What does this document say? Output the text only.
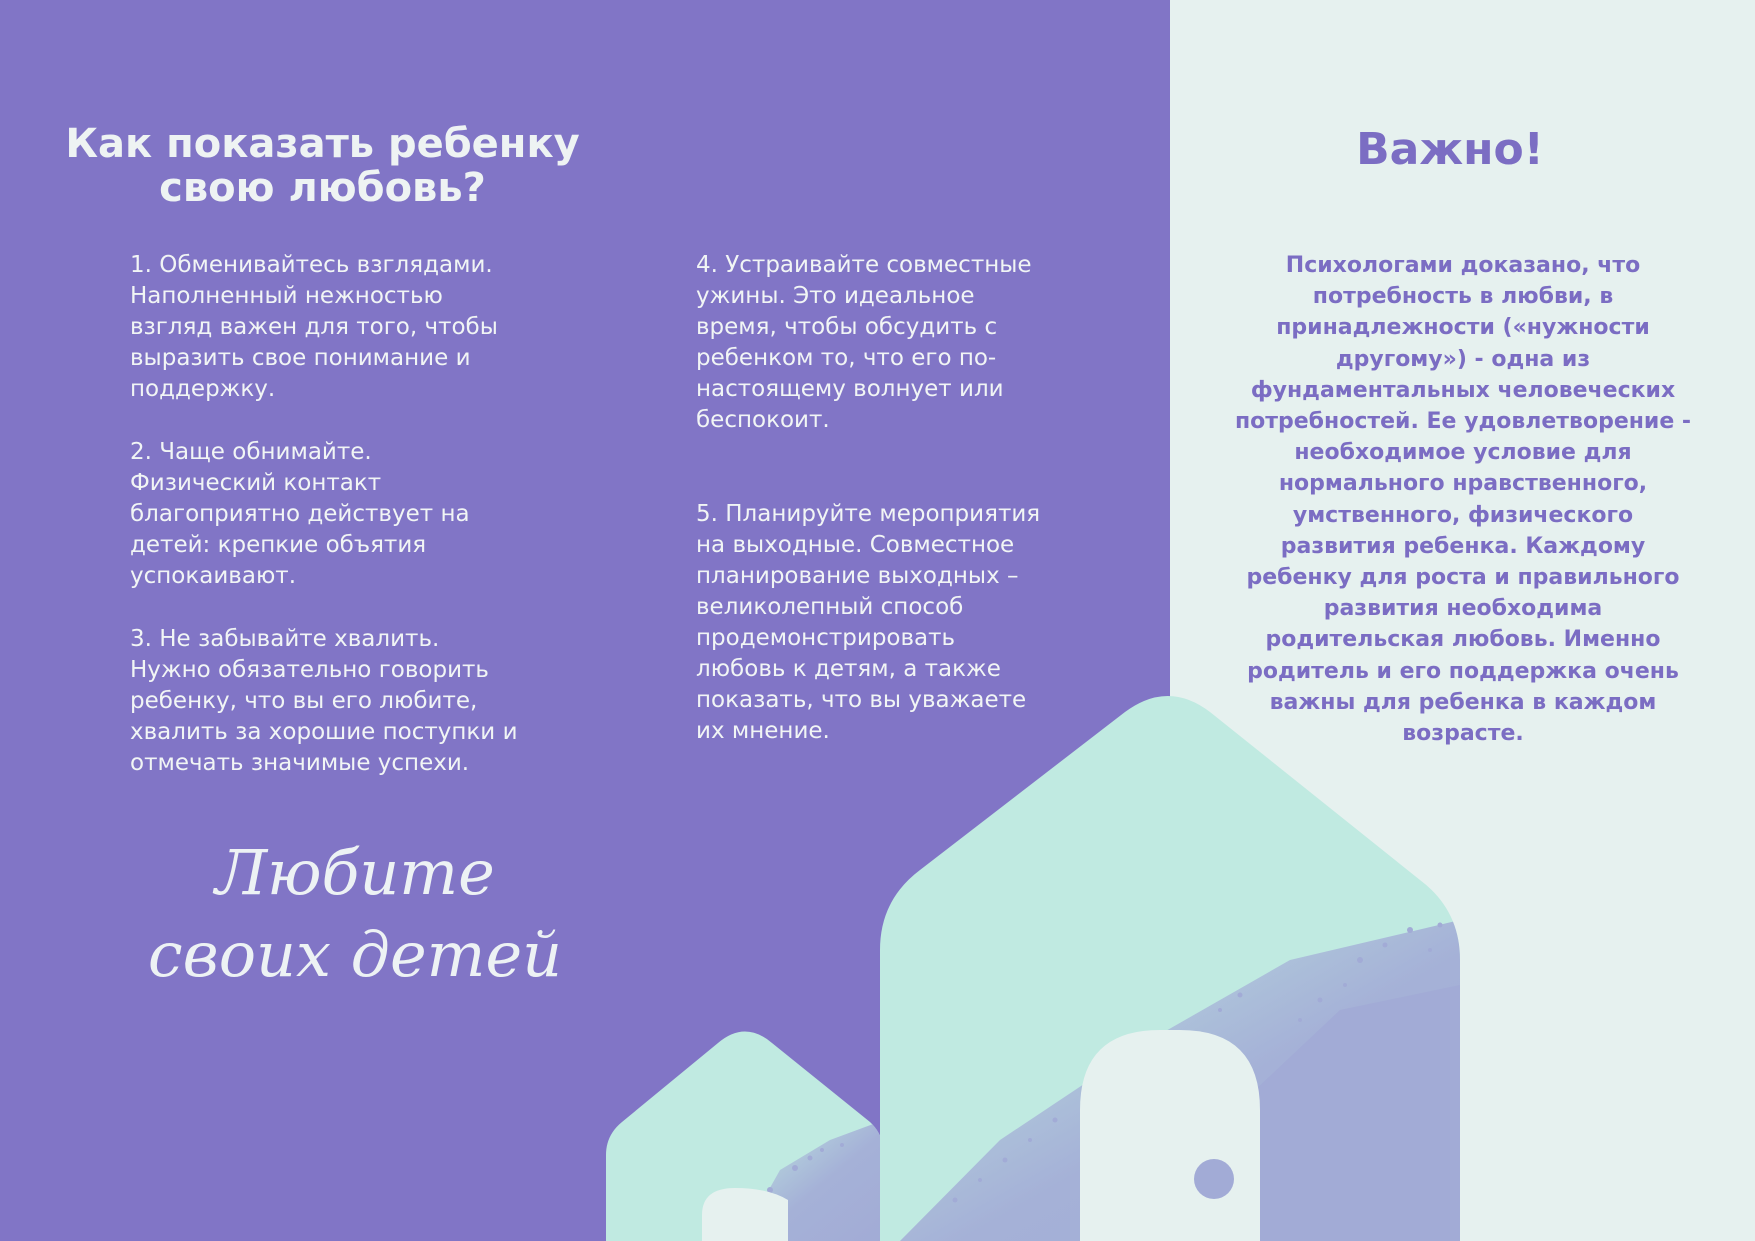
Как показать ребенку
свою любовь?

1. Обменивайтесь взглядами.
Наполненный нежностью
взгляд важен для того, чтобы
выразить свое понимание и
поддержку.

2. Чаще обнимайте.
Физический контакт
благоприятно действует на
детей: крепкие объятия
успокаивают.

3. Не забывайте хвалить.
Нужно обязательно говорить
ребенку, что вы его любите,
хвалить за хорошие поступки и
отмечать значимые успехи.

4. Устраивайте совместные
ужины. Это идеальное
время, чтобы обсудить с
ребенком то, что его по-
настоящему волнует или
беспокоит.

5. Планируйте мероприятия
на выходные. Совместное
планирование выходных –
великолепный способ
продемонстрировать
любовь к детям, а также
показать, что вы уважаете
их мнение.

Любите
своих детей

Важно!

Психологами доказано, что
потребность в любви, в
принадлежности («нужности
другому») - одна из
фундаментальных человеческих
потребностей. Ее удовлетворение -
необходимое условие для
нормального нравственного,
умственного, физического
развития ребенка. Каждому
ребенку для роста и правильного
развития необходима
родительская любовь. Именно
родитель и его поддержка очень
важны для ребенка в каждом
возрасте.
